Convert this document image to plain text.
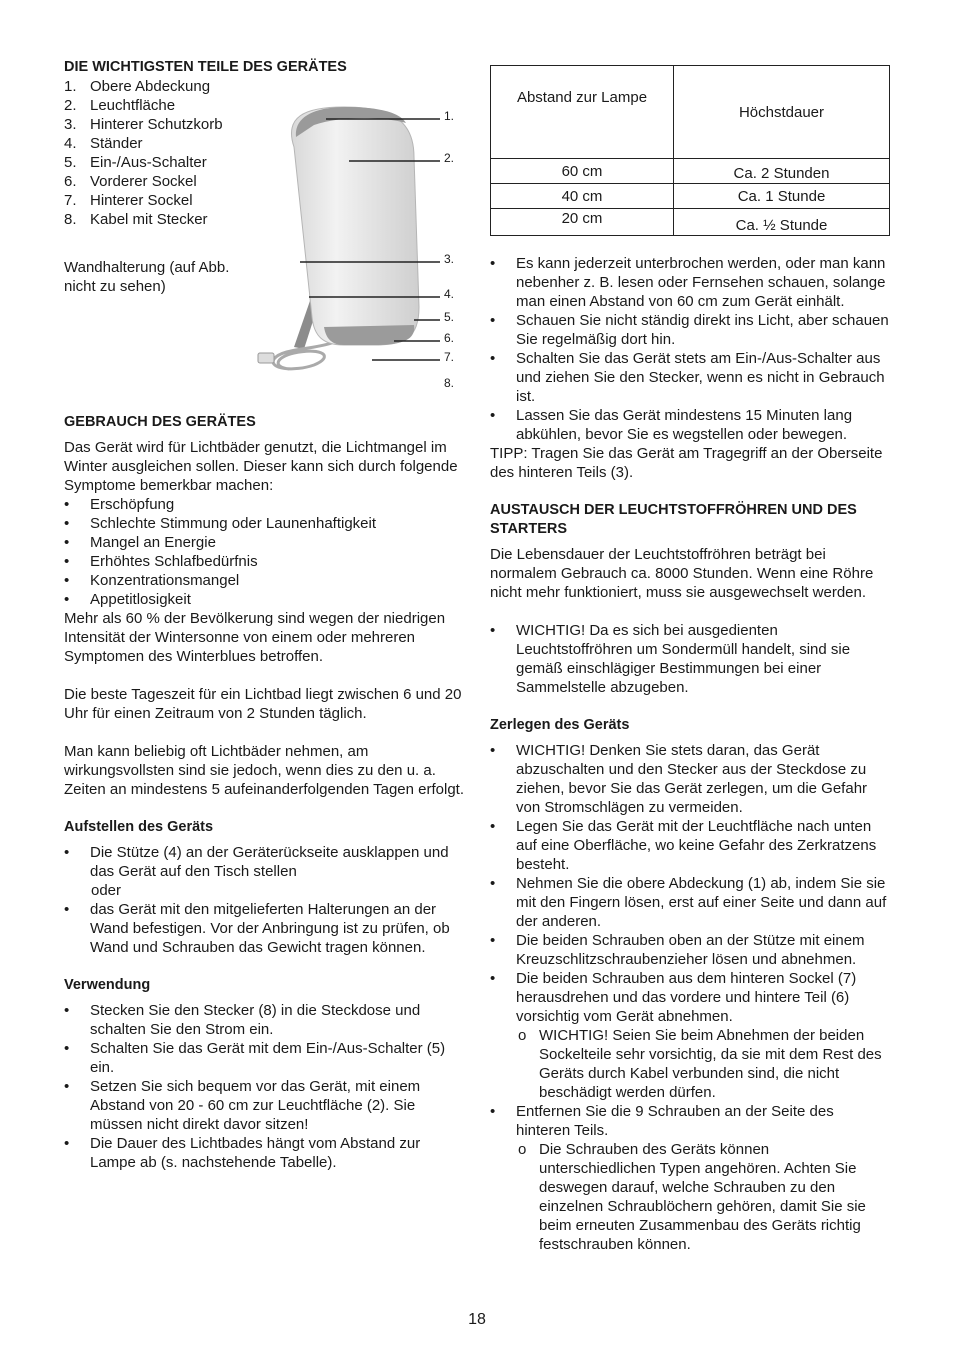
DIE WICHTIGSTEN TEILE DES GERÄTES
1. Obere Abdeckung
2. Leuchtfläche
3. Hinterer Schutzkorb
4. Ständer
5. Ein-/Aus-Schalter
6. Vorderer Sockel
7. Hinterer Sockel
8. Kabel mit Stecker

Wandhalterung (auf Abb. nicht zu sehen)

1.
2.
3.
4.
5.
6.
7.
8.
GEBRAUCH DES GERÄTES

Das Gerät wird für Lichtbäder genutzt, die Lichtmangel im Winter ausgleichen sollen. Dieser kann sich durch folgende Symptome bemerkbar machen:

• Erschöpfung
• Schlechte Stimmung oder Launenhaftigkeit
• Mangel an Energie
• Erhöhtes Schlafbedürfnis
• Konzentrationsmangel
• Appetitlosigkeit

Mehr als 60 % der Bevölkerung sind wegen der niedrigen Intensität der Wintersonne von einem oder mehreren Symptomen des Winterblues betroffen.

Die beste Tageszeit für ein Lichtbad liegt zwischen 6 und 20 Uhr für einen Zeitraum von 2 Stunden täglich.

Man kann beliebig oft Lichtbäder nehmen, am wirkungsvollsten sind sie jedoch, wenn dies zu den u. a. Zeiten an mindestens 5 aufeinanderfolgenden Tagen erfolgt.

Aufstellen des Geräts
• Die Stütze (4) an der Geräterückseite ausklappen und das Gerät auf den Tisch stellen
oder
• das Gerät mit den mitgelieferten Halterungen an der Wand befestigen. Vor der Anbringung ist zu prüfen, ob Wand und Schrauben das Gewicht tragen können.
Verwendung
• Stecken Sie den Stecker (8) in die Steckdose und schalten Sie den Strom ein.
• Schalten Sie das Gerät mit dem Ein-/Aus-Schalter (5) ein.
• Setzen Sie sich bequem vor das Gerät, mit einem Abstand von 20 - 60 cm zur Leuchtfläche (2). Sie müssen nicht direkt davor sitzen!
• Die Dauer des Lichtbades hängt vom Abstand zur Lampe ab (s. nachstehende Tabelle).
Abstand zur Lampe	Höchstdauer
60 cm	Ca. 2 Stunden
40 cm	Ca. 1 Stunde
20 cm	Ca. ½ Stunde
• Es kann jederzeit unterbrochen werden, oder man kann nebenher z. B. lesen oder Fernsehen schauen, solange man einen Abstand von 60 cm zum Gerät einhält.
• Schauen Sie nicht ständig direkt ins Licht, aber schauen Sie regelmäßig dort hin.
• Schalten Sie das Gerät stets am Ein-/Aus-Schalter aus und ziehen Sie den Stecker, wenn es nicht in Gebrauch ist.
• Lassen Sie das Gerät mindestens 15 Minuten lang abkühlen, bevor Sie es wegstellen oder bewegen.

TIPP: Tragen Sie das Gerät am Tragegriff an der Oberseite des hinteren Teils (3).

AUSTAUSCH DER LEUCHTSTOFFRÖHREN UND DES STARTERS

Die Lebensdauer der Leuchtstoffröhren beträgt bei normalem Gebrauch ca. 8000 Stunden. Wenn eine Röhre nicht mehr funktioniert, muss sie ausgewechselt werden.

• WICHTIG! Da es sich bei ausgedienten Leuchtstoffröhren um Sondermüll handelt, sind sie gemäß einschlägiger Bestimmungen bei einer Sammelstelle abzugeben.
Zerlegen des Geräts
• WICHTIG! Denken Sie stets daran, das Gerät abzuschalten und den Stecker aus der Steckdose zu ziehen, bevor Sie das Gerät zerlegen, um die Gefahr von Stromschlägen zu vermeiden.
• Legen Sie das Gerät mit der Leuchtfläche nach unten auf eine Oberfläche, wo keine Gefahr des Zerkratzens besteht.
• Nehmen Sie die obere Abdeckung (1) ab, indem Sie sie mit den Fingern lösen, erst auf einer Seite und dann auf der anderen.
• Die beiden Schrauben oben an der Stütze mit einem Kreuzschlitzschraubenzieher lösen und abnehmen.
• Die beiden Schrauben aus dem hinteren Sockel (7) herausdrehen und das vordere und hintere Teil (6) vorsichtig vom Gerät abnehmen.
o WICHTIG! Seien Sie beim Abnehmen der beiden Sockelteile sehr vorsichtig, da sie mit dem Rest des Geräts durch Kabel verbunden sind, die nicht beschädigt werden dürfen.
• Entfernen Sie die 9 Schrauben an der Seite des hinteren Teils.
o Die Schrauben des Geräts können unterschiedlichen Typen angehören. Achten Sie deswegen darauf, welche Schrauben zu den einzelnen Schraublöchern gehören, damit Sie sie beim erneuten Zusammenbau des Geräts richtig festschrauben können.
18
